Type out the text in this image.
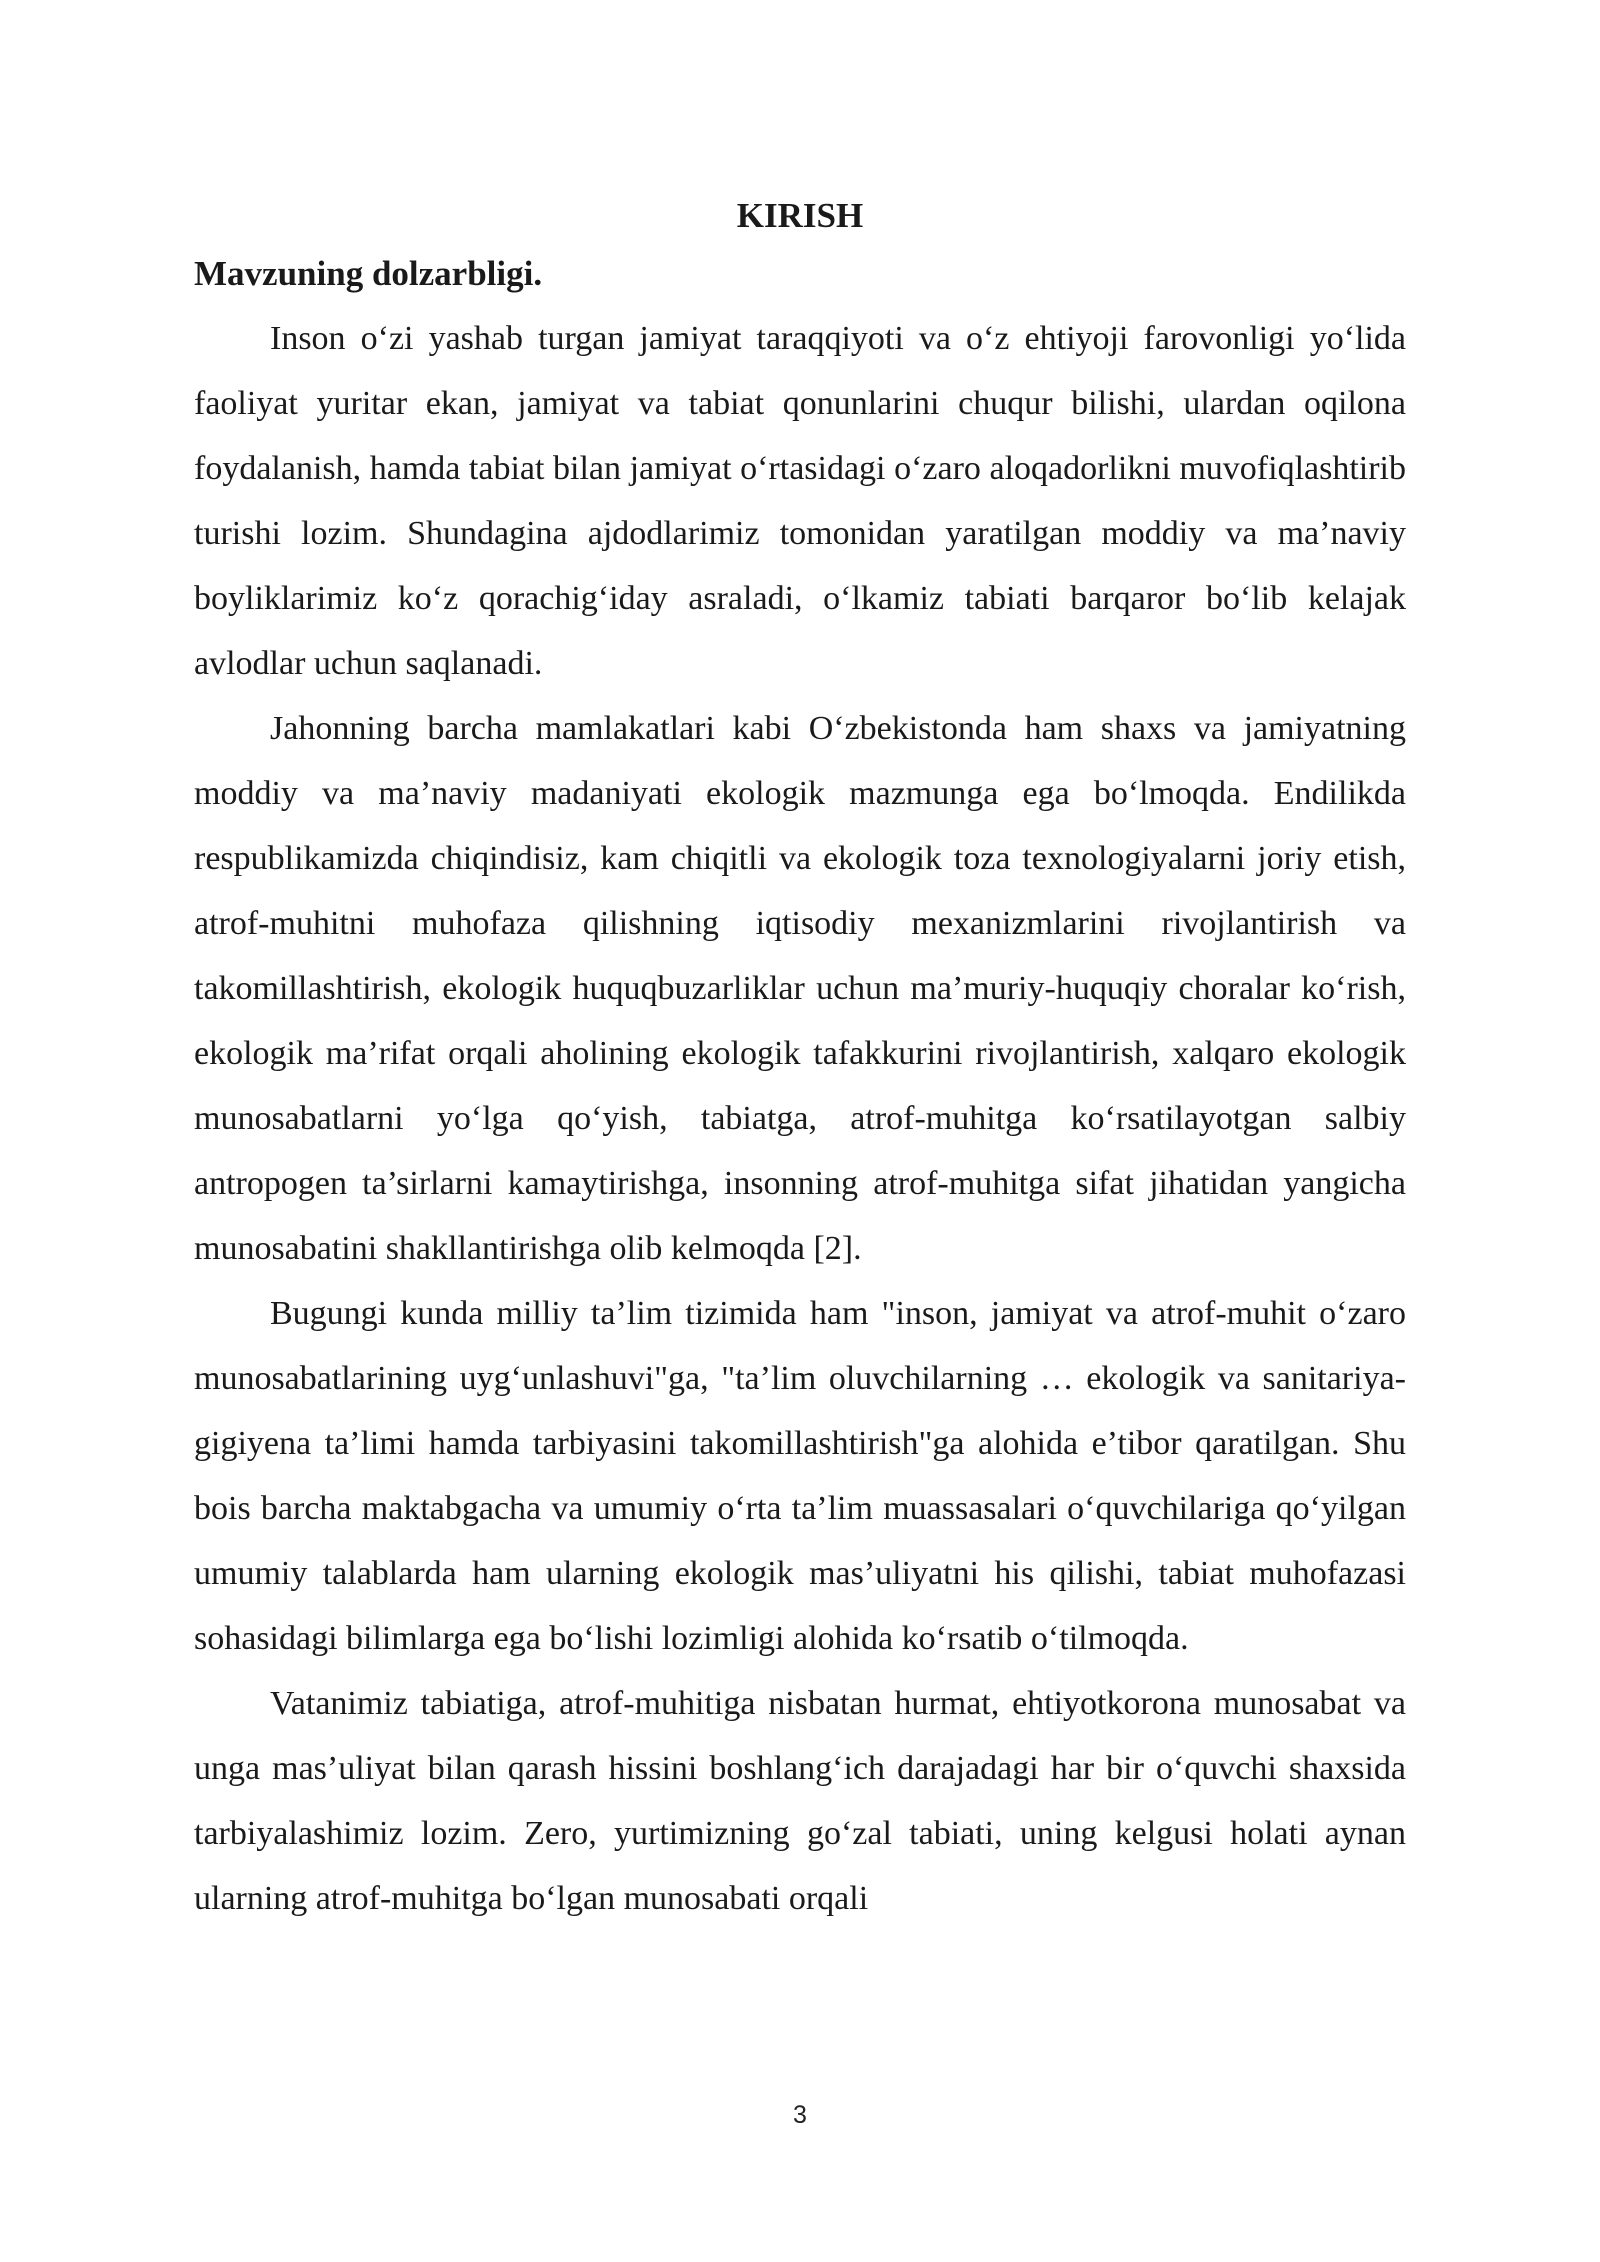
KIRISH
Mavzuning dolzarbligi.

Inson o‘zi yashab turgan jamiyat taraqqiyoti va o‘z ehtiyoji farovonligi yo‘lida faoliyat yuritar ekan, jamiyat va tabiat qonunlarini chuqur bilishi, ulardan oqilona foydalanish, hamda tabiat bilan jamiyat o‘rtasidagi o‘zaro aloqadorlikni muvofiqlashtirib turishi lozim. Shundagina ajdodlarimiz tomonidan yaratilgan moddiy va ma’naviy boyliklarimiz ko‘z qorachig‘iday asraladi, o‘lkamiz tabiati barqaror bo‘lib kelajak avlodlar uchun saqlanadi.

Jahonning barcha mamlakatlari kabi O‘zbekistonda ham shaxs va jamiyatning moddiy va ma’naviy madaniyati ekologik mazmunga ega bo‘lmoqda. Endilikda respublikamizda chiqindisiz, kam chiqitli va ekologik toza texnologiyalarni joriy etish, atrof-muhitni muhofaza qilishning iqtisodiy mexanizmlarini rivojlantirish va takomillashtirish, ekologik huquqbuzarliklar uchun ma’muriy-huquqiy choralar ko‘rish, ekologik ma’rifat orqali aholining ekologik tafakkurini rivojlantirish, xalqaro ekologik munosabatlarni yo‘lga qo‘yish, tabiatga, atrof-muhitga ko‘rsatilayotgan salbiy antropogen ta’sirlarni kamaytirishga, insonning atrof-muhitga sifat jihatidan yangicha munosabatini shakllantirishga olib kelmoqda [2].

Bugungi kunda milliy ta’lim tizimida ham "inson, jamiyat va atrof-muhit o‘zaro munosabatlarining uyg‘unlashuvi"ga, "ta’lim oluvchilarning … ekologik va sanitariya-gigiyena ta’limi hamda tarbiyasini takomillashtirish"ga alohida e’tibor qaratilgan. Shu bois barcha maktabgacha va umumiy o‘rta ta’lim muassasalari o‘quvchilariga qo‘yilgan umumiy talablarda ham ularning ekologik mas’uliyatni his qilishi, tabiat muhofazasi sohasidagi bilimlarga ega bo‘lishi lozimligi alohida ko‘rsatib o‘tilmoqda.

Vatanimiz tabiatiga, atrof-muhitiga nisbatan hurmat, ehtiyotkorona munosabat va unga mas’uliyat bilan qarash hissini boshlang‘ich darajadagi har bir o‘quvchi shaxsida tarbiyalashimiz lozim. Zero, yurtimizning go‘zal tabiati, uning kelgusi holati aynan ularning atrof-muhitga bo‘lgan munosabati orqali

3
